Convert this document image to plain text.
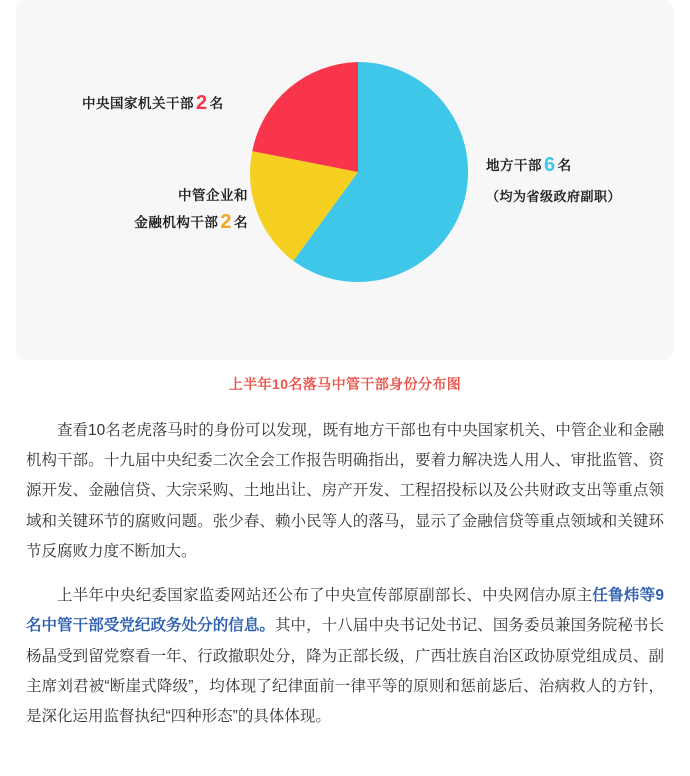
中央国家机关干部 2 名
中管企业和
金融机构干部 2 名
地方干部 6 名
（均为省级政府副职）
上半年10名落马中管干部身份分布图

查看10名老虎落马时的身份可以发现，既有地方干部也有中央国家机关、中管企业和金融机构干部。十九届中央纪委二次全会工作报告明确指出，要着力解决选人用人、审批监管、资源开发、金融信贷、大宗采购、土地出让、房产开发、工程招投标以及公共财政支出等重点领域和关键环节的腐败问题。张少春、赖小民等人的落马，显示了金融信贷等重点领域和关键环节反腐败力度不断加大。

上半年中央纪委国家监委网站还公布了中央宣传部原副部长、中央网信办原主任鲁炜等9名中管干部受党纪政务处分的信息。其中，十八届中央书记处书记、国务委员兼国务院秘书长杨晶受到留党察看一年、行政撤职处分，降为正部长级，广西壮族自治区政协原党组成员、副主席刘君被“断崖式降级”，均体现了纪律面前一律平等的原则和惩前毖后、治病救人的方针，是深化运用监督执纪“四种形态”的具体体现。
